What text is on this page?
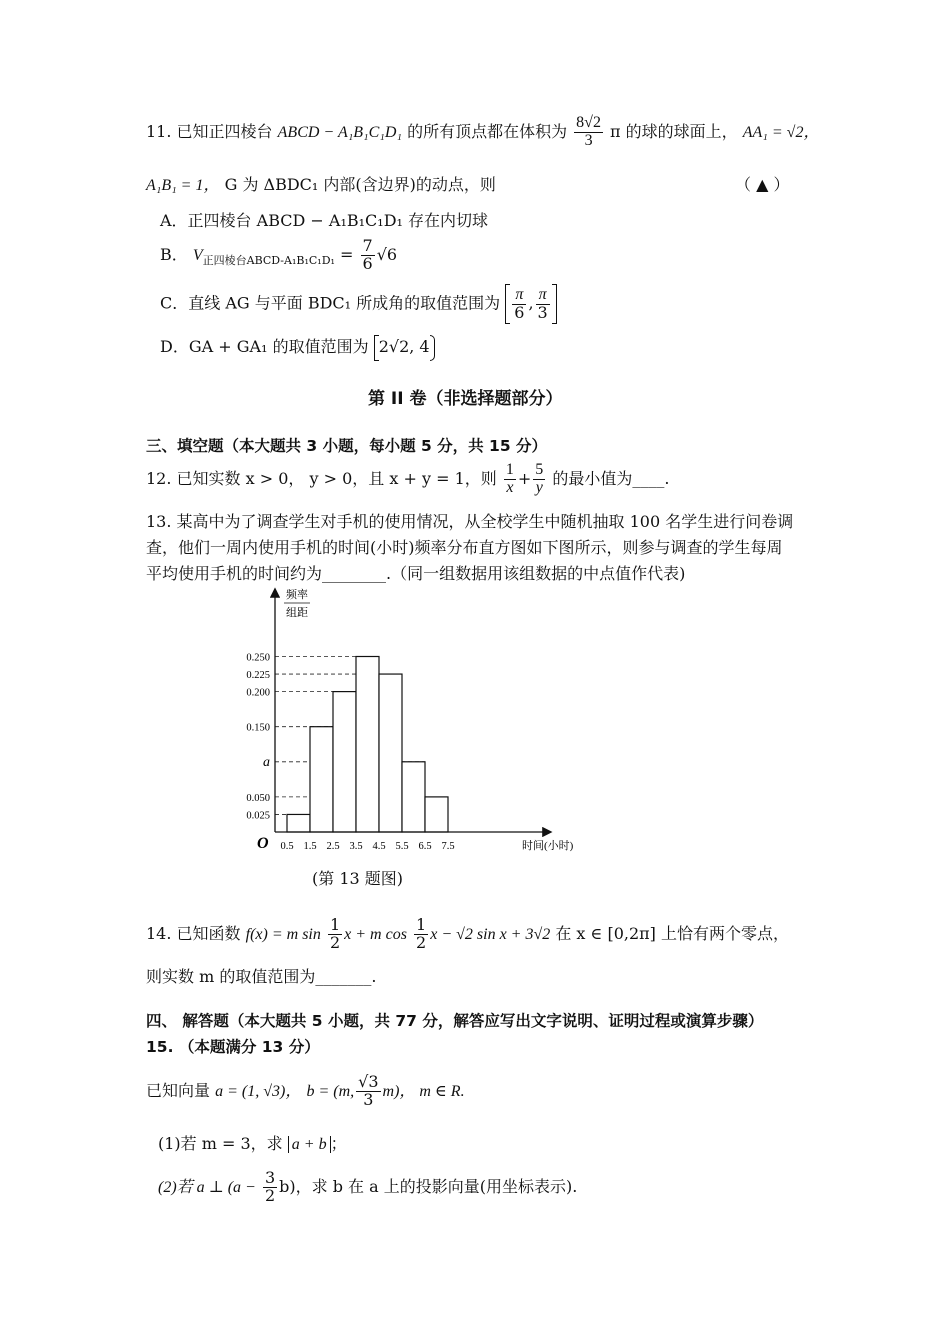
11. 已知正四棱台 ABCD − A₁B₁C₁D₁ 的所有顶点都在体积为 $\frac{8√2}{3}$ π 的球的球面上， AA₁ = √2，
A₁B₁ = 1， G 为 ΔBDC₁ 内部(含边界)的动点，则	（ ▲ ）
A．正四棱台 ABCD − A₁B₁C₁D₁ 存在内切球
B． $V_{正四棱台ABCD-A_1B_1C_1D_1} = \frac{7}{6} √6$
C．直线 AG 与平面 BDC₁ 所成角的取值范围为 $\frac{\pi}{6}$ , $\frac{\pi}{3}$
D．GA + GA₁ 的取值范围为 2√2, 4
第 II 卷（非选择题部分）
三、填空题（本大题共 3 小题，每小题 5 分，共 15 分）
12. 已知实数 x > 0， y > 0，且 x + y = 1，则 $\frac{1}{x} + \frac{5}{y}$ 的最小值为____.
13. 某高中为了调查学生对手机的使用情况，从全校学生中随机抽取 100 名学生进行问卷调
查，他们一周内使用手机的时间(小时)频率分布直方图如下图所示，则参与调查的学生每周
平均使用手机的时间约为________.（同一组数据用该组数据的中点值作代表)
频率
组距
O	时间(小时)
0.5 1.5 2.5 3.5 4.5 5.5 6.5 7.5
0.025
0.050
a
0.150
0.200
0.225
0.250
(第 13 题图)
14. 已知函数 f(x) = m $\sin \frac{1}{2}$ x + m $\cos \frac{1}{2}$ x − √2 sin x + 3√2 在 x ∈ [0,2π] 上恰有两个零点，
则实数 m 的取值范围为_______.
四、 解答题（本大题共 5 小题，共 77 分，解答应写出文字说明、证明过程或演算步骤）
15. （本题满分 13 分）
已知向量 a = (1, √3)， b = (m, $\frac{√3}{3} m$)， m ∈ R.
(1)若 m = 3，求 a + b ；
(2)若 a ⊥ $(a - \frac{3}{2} b)$，求 b 在 a 上的投影向量(用坐标表示).
